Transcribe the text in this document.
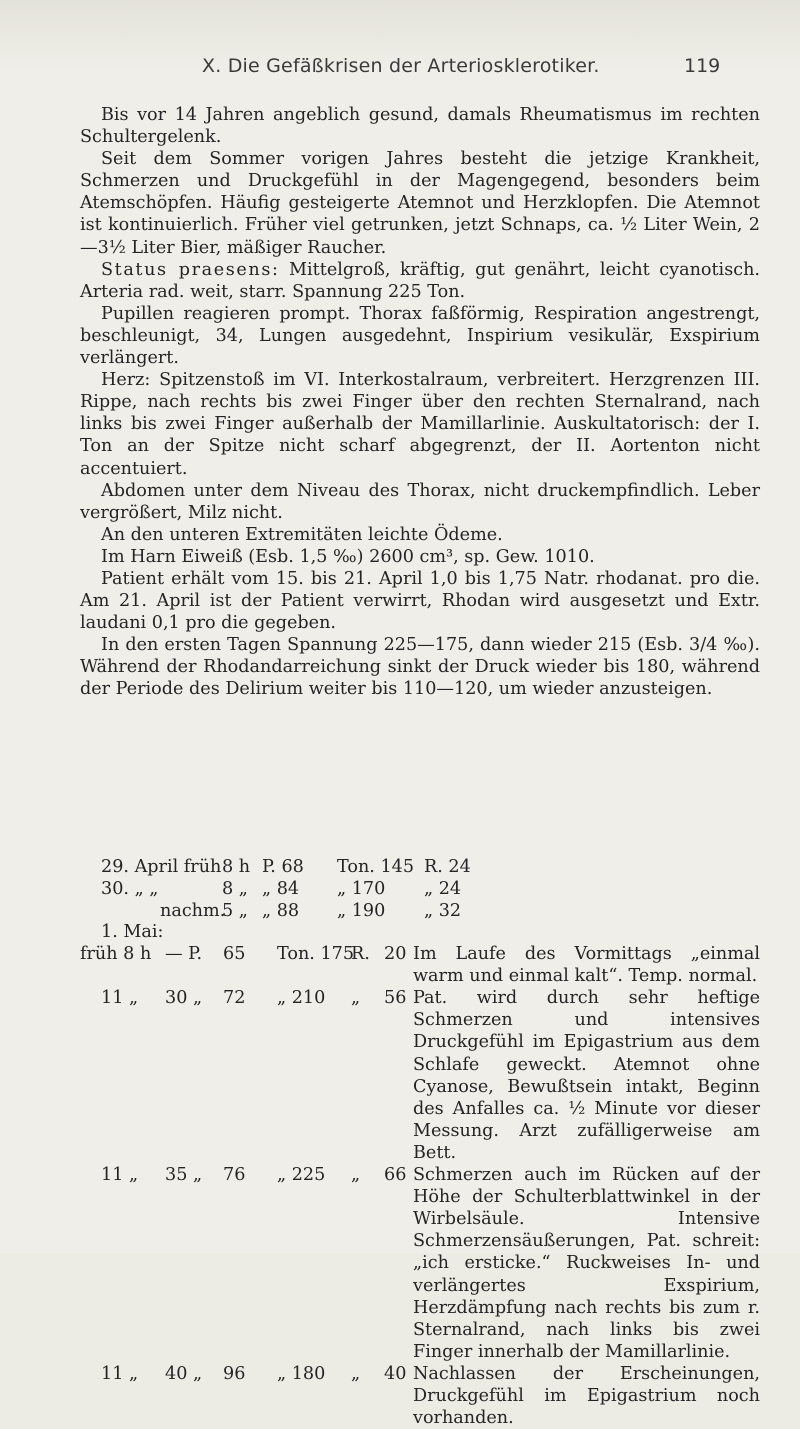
X. Die Gefäßkrisen der Arteriosklerotiker.	119

Bis vor 14 Jahren angeblich gesund, damals Rheumatismus im rechten Schultergelenk.

Seit dem Sommer vorigen Jahres besteht die jetzige Krankheit, Schmerzen und Druckgefühl in der Magengegend, besonders beim Atemschöpfen. Häufig gesteigerte Atemnot und Herzklopfen. Die Atemnot ist kontinuierlich. Früher viel getrunken, jetzt Schnaps, ca. ½ Liter Wein, 2—3½ Liter Bier, mäßiger Raucher.

Status praesens: Mittelgroß, kräftig, gut genährt, leicht cyanotisch. Arteria rad. weit, starr. Spannung 225 Ton.

Pupillen reagieren prompt. Thorax faßförmig, Respiration angestrengt, beschleunigt, 34, Lungen ausgedehnt, Inspirium vesikulär, Exspirium verlängert.

Herz: Spitzenstoß im VI. Interkostalraum, verbreitert. Herzgrenzen III. Rippe, nach rechts bis zwei Finger über den rechten Sternalrand, nach links bis zwei Finger außerhalb der Mamillarlinie. Auskultatorisch: der I. Ton an der Spitze nicht scharf abgegrenzt, der II. Aortenton nicht accentuiert.

Abdomen unter dem Niveau des Thorax, nicht druckempfindlich. Leber vergrößert, Milz nicht.

An den unteren Extremitäten leichte Ödeme.

Im Harn Eiweiß (Esb. 1,5 ‰) 2600 cm³, sp. Gew. 1010.

Patient erhält vom 15. bis 21. April 1,0 bis 1,75 Natr. rhodanat. pro die. Am 21. April ist der Patient verwirrt, Rhodan wird ausgesetzt und Extr. laudani 0,1 pro die gegeben.

In den ersten Tagen Spannung 225—175, dann wieder 215 (Esb. 3/4 ‰). Während der Rhodandarreichung sinkt der Druck wieder bis 180, während der Periode des Delirium weiter bis 110—120, um wieder anzusteigen.

29. April früh 8 h P. 68 Ton. 145 R. 24
30. „ „	8 „ „ 84 „ 170 „ 24
nachm.
5 „ „ 88 „ 190 „ 32
1. Mai:
früh 8 h — P. 65 Ton. 175
R. 20 Im Laufe des Vormittags „einmal warm und einmal kalt“. Temp. normal.
11 „ 30 „ 72 „ 210 „ 56 Pat. wird durch sehr heftige Schmerzen und intensives Druckgefühl im Epigastrium aus dem Schlafe geweckt. Atemnot ohne Cyanose, Bewußtsein intakt, Beginn des Anfalles ca. ½ Minute vor dieser Messung. Arzt zufälligerweise am Bett.
11 „ 35 „ 76 „ 225 „ 66 Schmerzen auch im Rücken auf der Höhe der Schulterblattwinkel in der Wirbelsäule. Intensive Schmerzensäußerungen, Pat. schreit: „ich ersticke.“ Ruckweises In- und verlängertes Exspirium, Herzdämpfung nach rechts bis zum r. Sternalrand, nach links bis zwei Finger innerhalb der Mamillarlinie.
11 „ 40 „ 96 „ 180 „ 40 Nachlassen der Erscheinungen, Druckgefühl im Epigastrium noch vorhanden.
